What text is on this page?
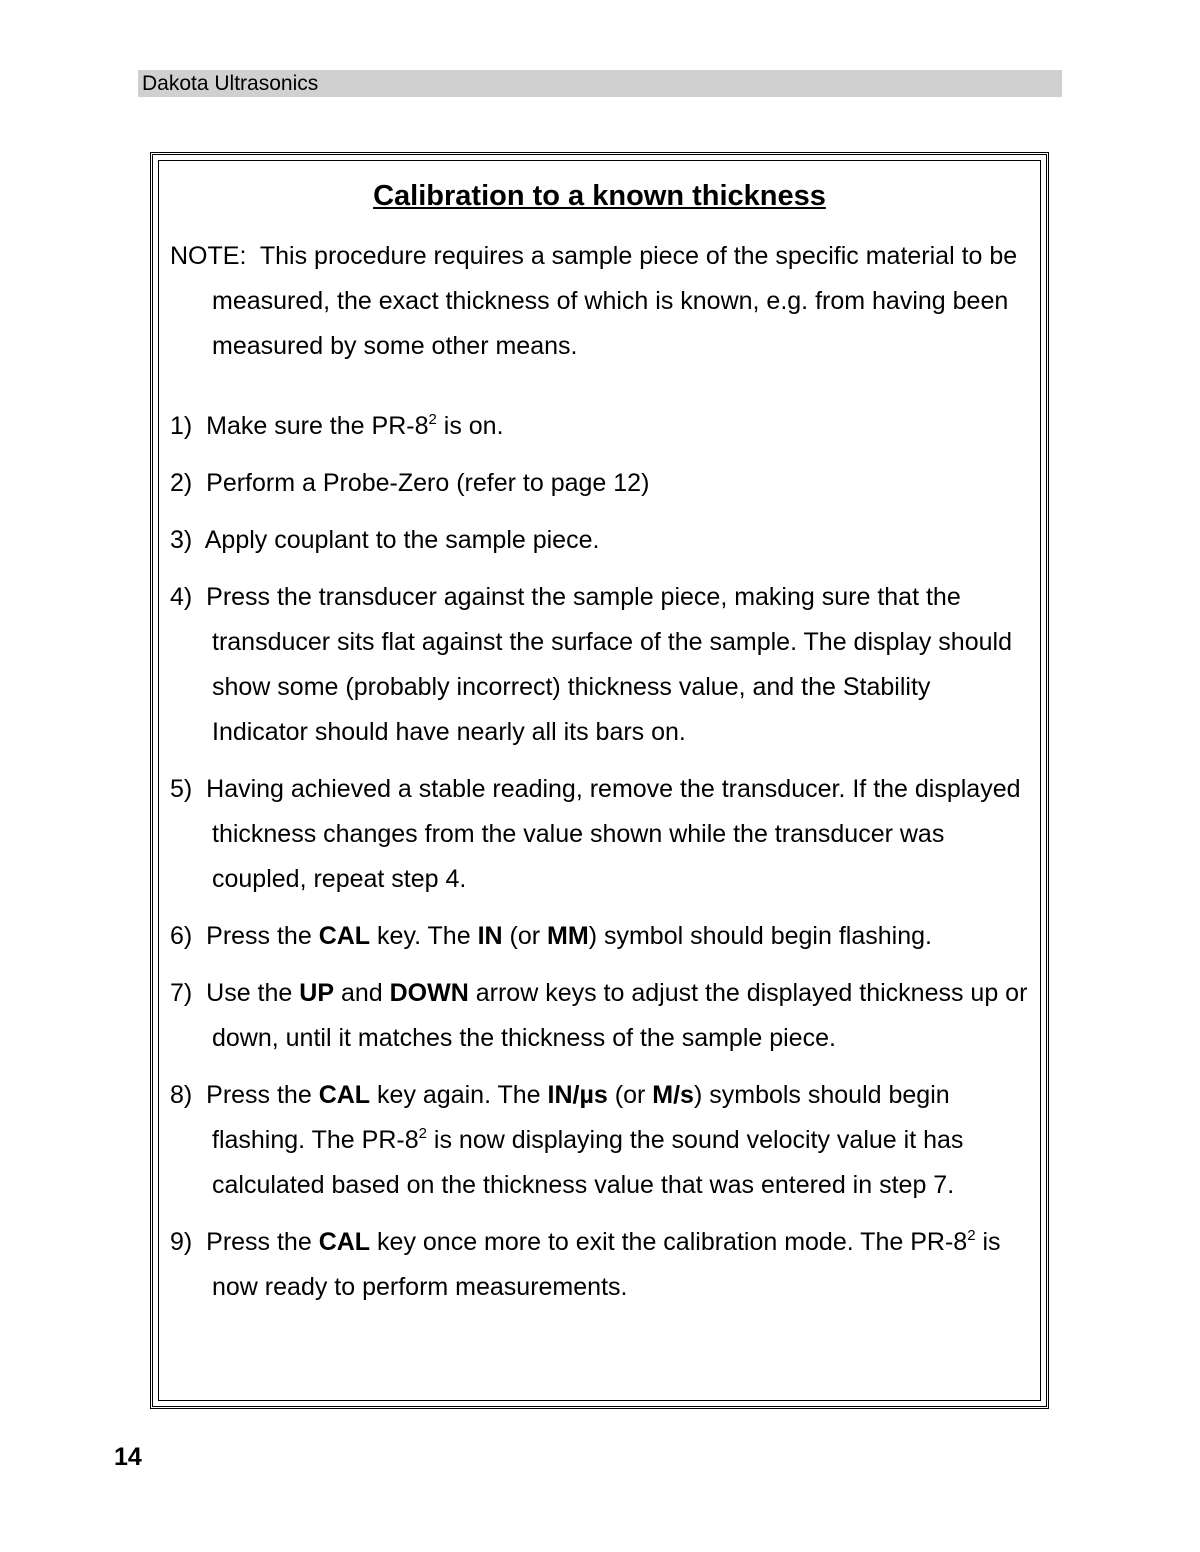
Dakota Ultrasonics
Calibration to a known thickness

NOTE: This procedure requires a sample piece of the specific material to be measured, the exact thickness of which is known, e.g. from having been measured by some other means.

1) Make sure the $PR-8^2$ is on.

2) Perform a Probe-Zero (refer to page 12)

3) Apply couplant to the sample piece.

4) Press the transducer against the sample piece, making sure that the transducer sits flat against the surface of the sample. The display should show some (probably incorrect) thickness value, and the Stability Indicator should have nearly all its bars on.

5) Having achieved a stable reading, remove the transducer. If the displayed thickness changes from the value shown while the transducer was coupled, repeat step 4.

6) Press the CAL key. The IN (or MM) symbol should begin flashing.

7) Use the UP and DOWN arrow keys to adjust the displayed thickness up or down, until it matches the thickness of the sample piece.

8) Press the CAL key again. The IN/µs (or M/s) symbols should begin flashing. The $PR-8^2$ is now displaying the sound velocity value it has calculated based on the thickness value that was entered in step 7.

9) Press the CAL key once more to exit the calibration mode. The $PR-8^2$ is now ready to perform measurements.

14
